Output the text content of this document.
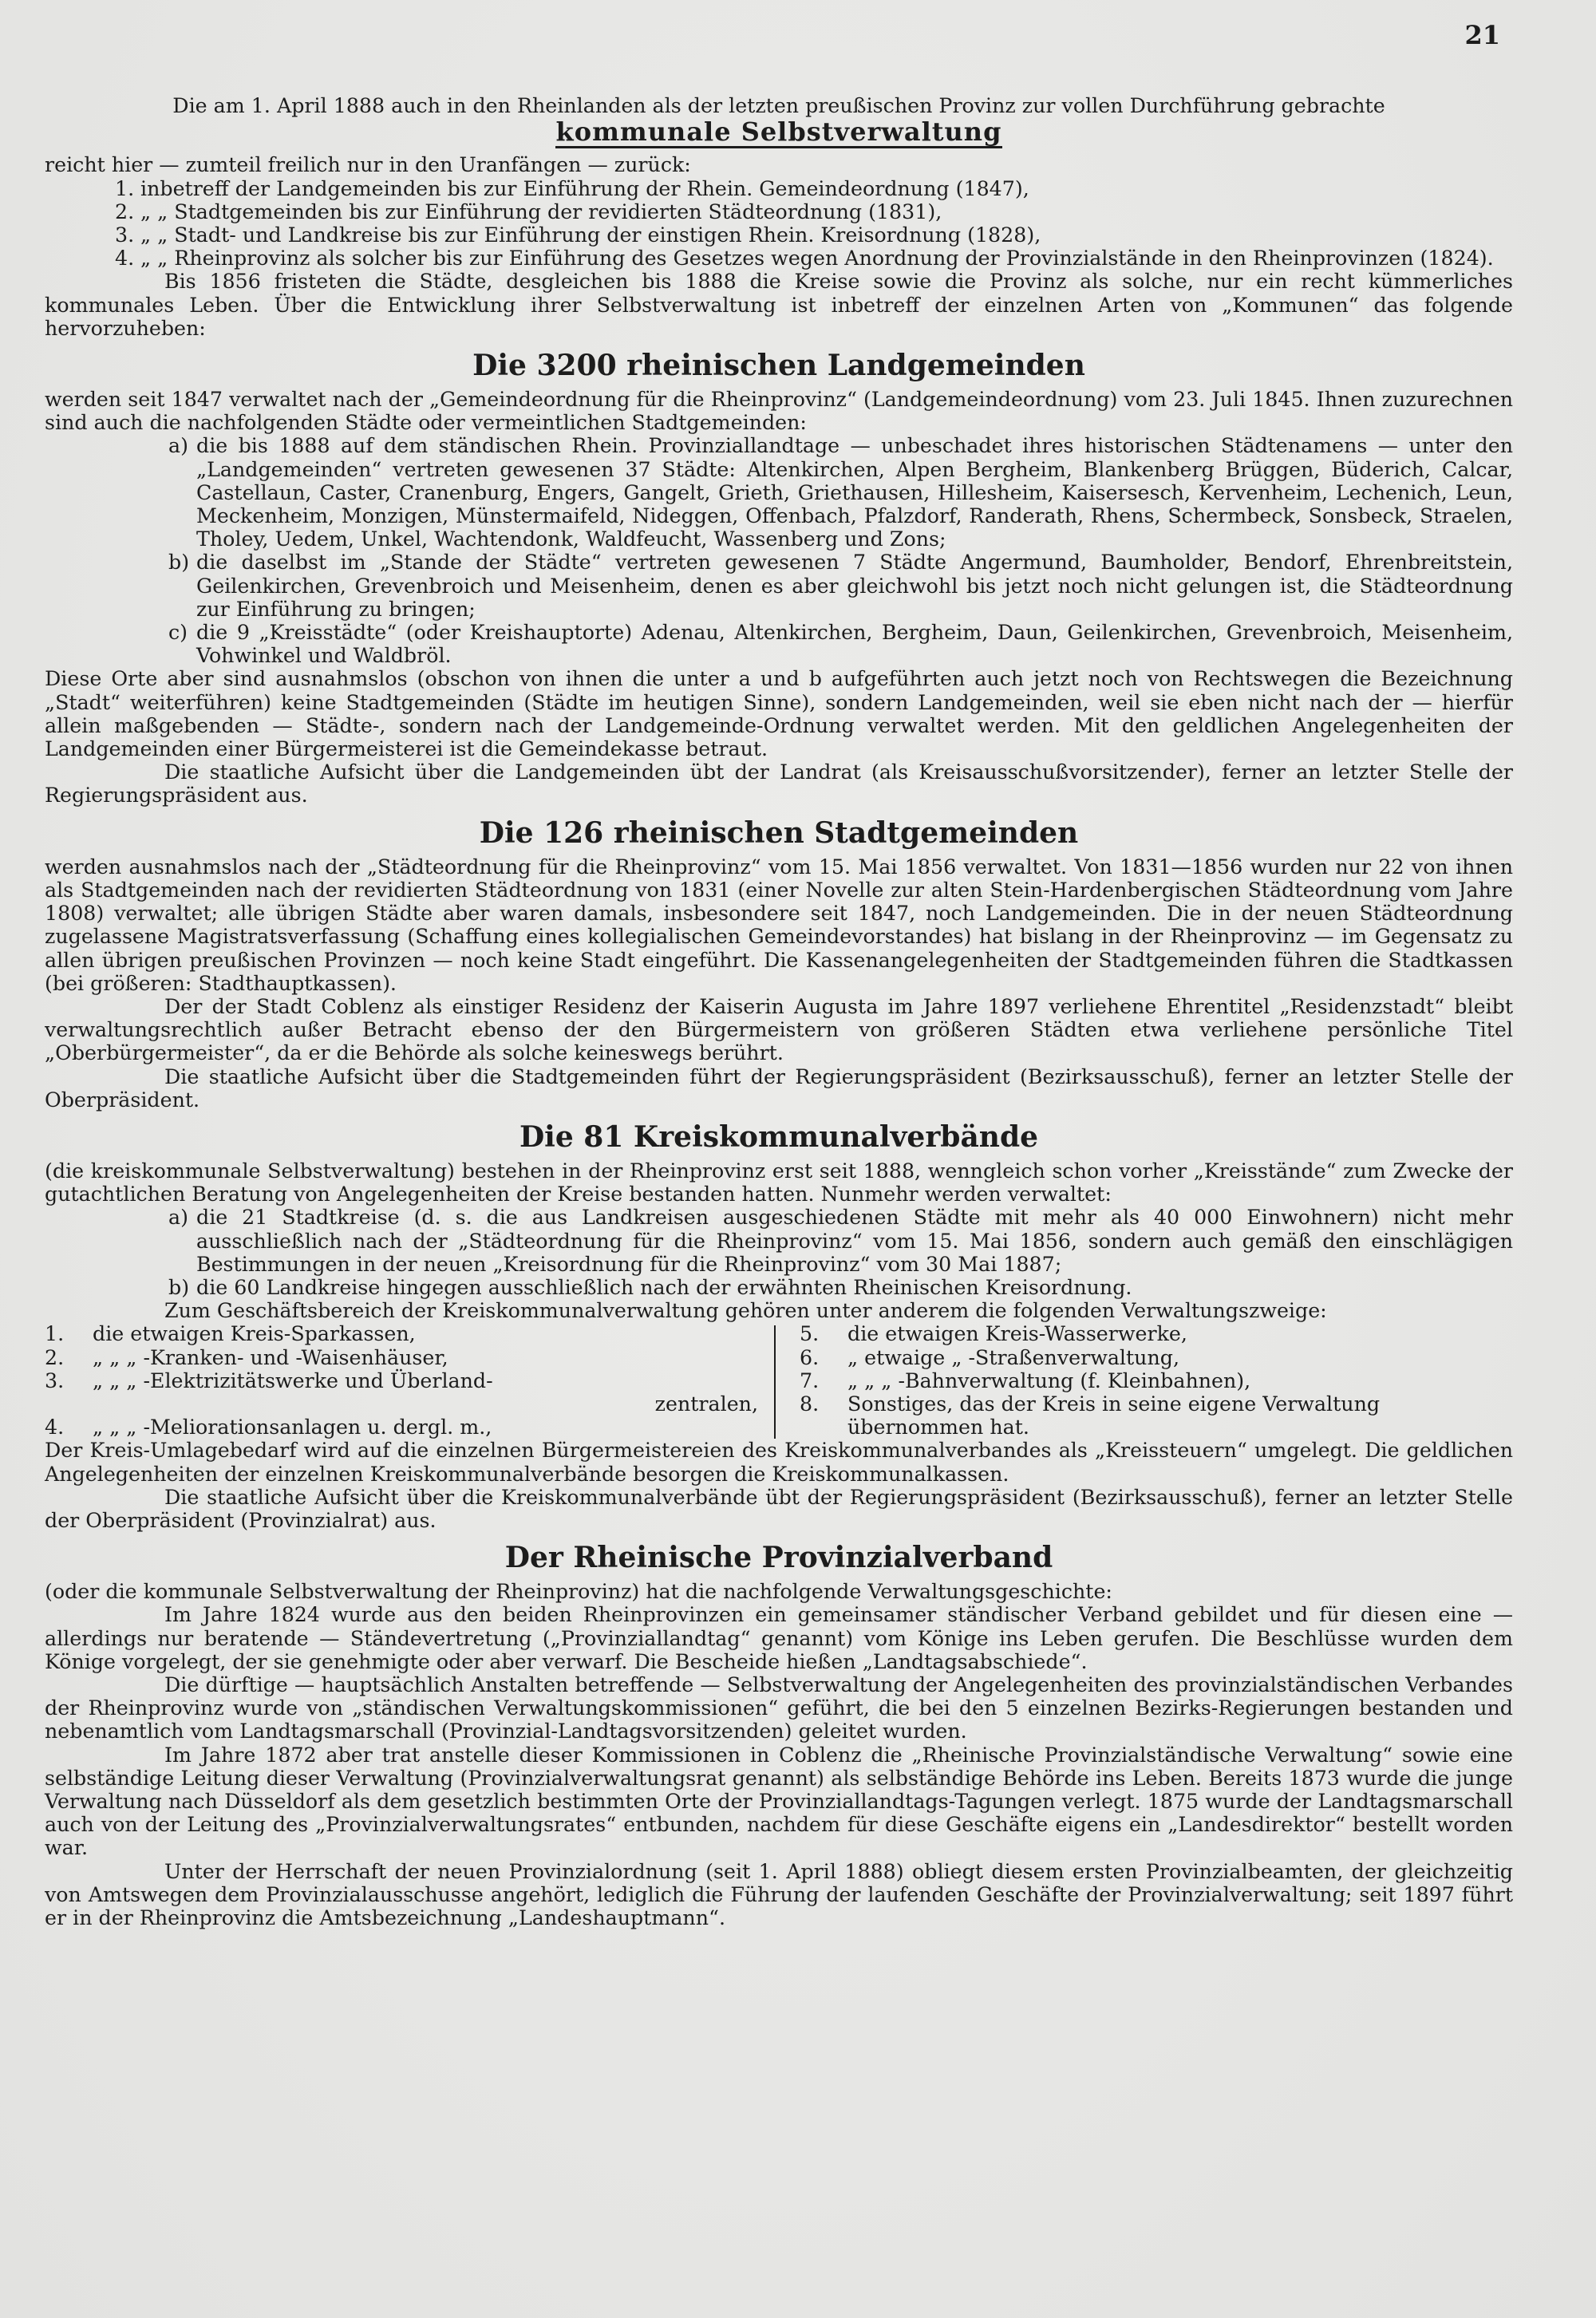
21

Die am 1. April 1888 auch in den Rheinlanden als der letzten preußischen Provinz zur vollen Durchführung gebrachte

kommunale Selbstverwaltung

reicht hier — zumteil freilich nur in den Uranfängen — zurück:

1. inbetreff der Landgemeinden bis zur Einführung der Rhein. Gemeindeordnung (1847),
2. „ „ Stadtgemeinden bis zur Einführung der revidierten Städteordnung (1831),
3. „ „ Stadt- und Landkreise bis zur Einführung der einstigen Rhein. Kreisordnung (1828),
4. „ „ Rheinprovinz als solcher bis zur Einführung des Gesetzes wegen Anordnung der Provinzialstände in den Rheinprovinzen (1824).

Bis 1856 fristeten die Städte, desgleichen bis 1888 die Kreise sowie die Provinz als solche, nur ein recht kümmerliches kommunales Leben. Über die Entwicklung ihrer Selbstverwaltung ist inbetreff der einzelnen Arten von „Kommunen“ das folgende hervorzuheben:

Die 3200 rheinischen Landgemeinden

werden seit 1847 verwaltet nach der „Gemeindeordnung für die Rheinprovinz“ (Landgemeindeordnung) vom 23. Juli 1845. Ihnen zuzurechnen sind auch die nachfolgenden Städte oder vermeintlichen Stadtgemeinden:

a) die bis 1888 auf dem ständischen Rhein. Provinziallandtage — unbeschadet ihres historischen Städtenamens — unter den „Landgemeinden“ vertreten gewesenen 37 Städte: Altenkirchen, Alpen Bergheim, Blankenberg Brüggen, Büderich, Calcar, Castellaun, Caster, Cranenburg, Engers, Gangelt, Grieth, Griethausen, Hillesheim, Kaisersesch, Kervenheim, Lechenich, Leun, Meckenheim, Monzigen, Münstermaifeld, Nideggen, Offenbach, Pfalzdorf, Randerath, Rhens, Schermbeck, Sonsbeck, Straelen, Tholey, Uedem, Unkel, Wachtendonk, Waldfeucht, Wassenberg und Zons;
b) die daselbst im „Stande der Städte“ vertreten gewesenen 7 Städte Angermund, Baumholder, Bendorf, Ehrenbreitstein, Geilenkirchen, Grevenbroich und Meisenheim, denen es aber gleichwohl bis jetzt noch nicht gelungen ist, die Städteordnung zur Einführung zu bringen;
c) die 9 „Kreisstädte“ (oder Kreishauptorte) Adenau, Altenkirchen, Bergheim, Daun, Geilenkirchen, Grevenbroich, Meisenheim, Vohwinkel und Waldbröl.

Diese Orte aber sind ausnahmslos (obschon von ihnen die unter a und b aufgeführten auch jetzt noch von Rechtswegen die Bezeichnung „Stadt“ weiterführen) keine Stadtgemeinden (Städte im heutigen Sinne), sondern Landgemeinden, weil sie eben nicht nach der — hierfür allein maßgebenden — Städte-, sondern nach der Landgemeinde-Ordnung verwaltet werden. Mit den geldlichen Angelegenheiten der Landgemeinden einer Bürgermeisterei ist die Gemeindekasse betraut.

Die staatliche Aufsicht über die Landgemeinden übt der Landrat (als Kreisausschußvorsitzender), ferner an letzter Stelle der Regierungspräsident aus.

Die 126 rheinischen Stadtgemeinden

werden ausnahmslos nach der „Städteordnung für die Rheinprovinz“ vom 15. Mai 1856 verwaltet. Von 1831—1856 wurden nur 22 von ihnen als Stadtgemeinden nach der revidierten Städteordnung von 1831 (einer Novelle zur alten Stein-Hardenbergischen Städteordnung vom Jahre 1808) verwaltet; alle übrigen Städte aber waren damals, insbesondere seit 1847, noch Landgemeinden. Die in der neuen Städteordnung zugelassene Magistratsverfassung (Schaffung eines kollegialischen Gemeindevorstandes) hat bislang in der Rheinprovinz — im Gegensatz zu allen übrigen preußischen Provinzen — noch keine Stadt eingeführt. Die Kassenangelegenheiten der Stadtgemeinden führen die Stadtkassen (bei größeren: Stadthauptkassen).

Der der Stadt Coblenz als einstiger Residenz der Kaiserin Augusta im Jahre 1897 verliehene Ehrentitel „Residenzstadt“ bleibt verwaltungsrechtlich außer Betracht ebenso der den Bürgermeistern von größeren Städten etwa verliehene persönliche Titel „Oberbürgermeister“, da er die Behörde als solche keineswegs berührt.

Die staatliche Aufsicht über die Stadtgemeinden führt der Regierungspräsident (Bezirksausschuß), ferner an letzter Stelle der Oberpräsident.

Die 81 Kreiskommunalverbände

(die kreiskommunale Selbstverwaltung) bestehen in der Rheinprovinz erst seit 1888, wenngleich schon vorher „Kreisstände“ zum Zwecke der gutachtlichen Beratung von Angelegenheiten der Kreise bestanden hatten. Nunmehr werden verwaltet:

a) die 21 Stadtkreise (d. s. die aus Landkreisen ausgeschiedenen Städte mit mehr als 40 000 Einwohnern) nicht mehr ausschließlich nach der „Städteordnung für die Rheinprovinz“ vom 15. Mai 1856, sondern auch gemäß den einschlägigen Bestimmungen in der neuen „Kreisordnung für die Rheinprovinz“ vom 30 Mai 1887;
b) die 60 Landkreise hingegen ausschließlich nach der erwähnten Rheinischen Kreisordnung.

Zum Geschäftsbereich der Kreiskommunalverwaltung gehören unter anderem die folgenden Verwaltungszweige:

1.	die etwaigen Kreis-Sparkassen,
2.	„ „ „ -Kranken- und -Waisenhäuser,
3.	„ „ „ -Elektrizitätswerke und Überland-
zentralen,
4.	„ „ „ -Meliorationsanlagen u. dergl. m.,
5.	die etwaigen Kreis-Wasserwerke,
6.	„ etwaige „ -Straßenverwaltung,
7.	„ „ „ -Bahnverwaltung (f. Kleinbahnen),
8.	Sonstiges, das der Kreis in seine eigene Verwaltung
übernommen hat.

Der Kreis-Umlagebedarf wird auf die einzelnen Bürgermeistereien des Kreiskommunalverbandes als „Kreissteuern“ umgelegt. Die geldlichen Angelegenheiten der einzelnen Kreiskommunalverbände besorgen die Kreiskommunalkassen.

Die staatliche Aufsicht über die Kreiskommunalverbände übt der Regierungspräsident (Bezirksausschuß), ferner an letzter Stelle der Oberpräsident (Provinzialrat) aus.

Der Rheinische Provinzialverband

(oder die kommunale Selbstverwaltung der Rheinprovinz) hat die nachfolgende Verwaltungsgeschichte:

Im Jahre 1824 wurde aus den beiden Rheinprovinzen ein gemeinsamer ständischer Verband gebildet und für diesen eine — allerdings nur beratende — Ständevertretung („Provinziallandtag“ genannt) vom Könige ins Leben gerufen. Die Beschlüsse wurden dem Könige vorgelegt, der sie genehmigte oder aber verwarf. Die Bescheide hießen „Landtagsabschiede“.

Die dürftige — hauptsächlich Anstalten betreffende — Selbstverwaltung der Angelegenheiten des provinzialständischen Verbandes der Rheinprovinz wurde von „ständischen Verwaltungskommissionen“ geführt, die bei den 5 einzelnen Bezirks-Regierungen bestanden und nebenamtlich vom Landtagsmarschall (Provinzial-Landtagsvorsitzenden) geleitet wurden.

Im Jahre 1872 aber trat anstelle dieser Kommissionen in Coblenz die „Rheinische Provinzialständische Verwaltung“ sowie eine selbständige Leitung dieser Verwaltung (Provinzialverwaltungsrat genannt) als selbständige Behörde ins Leben. Bereits 1873 wurde die junge Verwaltung nach Düsseldorf als dem gesetzlich bestimmten Orte der Provinziallandtags-Tagungen verlegt. 1875 wurde der Landtagsmarschall auch von der Leitung des „Provinzialverwaltungsrates“ entbunden, nachdem für diese Geschäfte eigens ein „Landesdirektor“ bestellt worden war.

Unter der Herrschaft der neuen Provinzialordnung (seit 1. April 1888) obliegt diesem ersten Provinzialbeamten, der gleichzeitig von Amtswegen dem Provinzialausschusse angehört, lediglich die Führung der laufenden Geschäfte der Provinzialverwaltung; seit 1897 führt er in der Rheinprovinz die Amtsbezeichnung „Landeshauptmann“.
